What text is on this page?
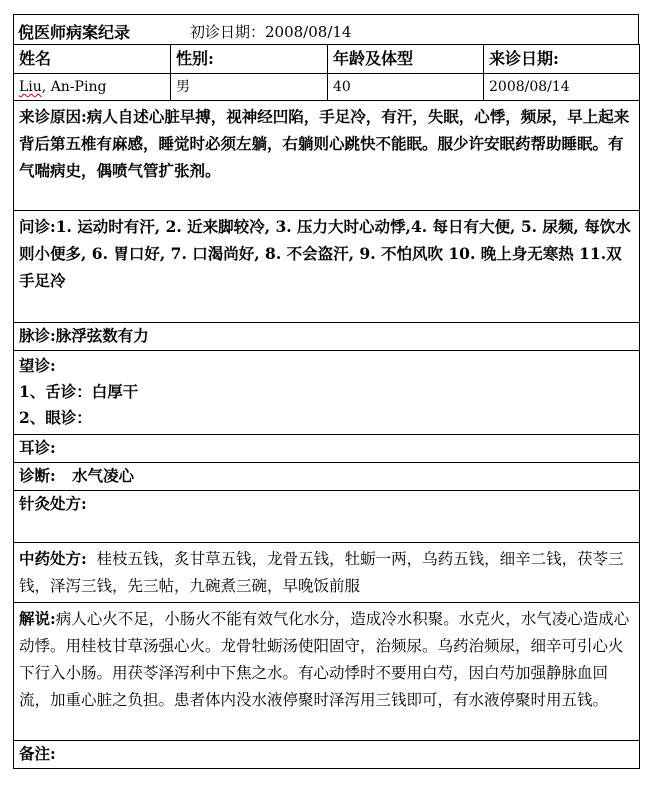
倪医师病案纪录	初诊日期：2008/08/14
姓名	性别:	年龄及体型	来诊日期:
Liu, An-Ping	男	40	2008/08/14
来诊原因:病人自述心脏早搏，视神经凹陷，手足冷，有汗，失眠，心悸，频尿，早上起来背后第五椎有麻感，睡觉时必须左躺，右躺则心跳快不能眠。服少许安眠药帮助睡眠。有气喘病史，偶喷气管扩张剂。			
问诊:1. 运动时有汗, 2. 近来脚较冷, 3. 压力大时心动悸,4. 每日有大便, 5. 尿频, 每饮水则小便多, 6. 胃口好, 7. 口渴尚好, 8. 不会盗汗, 9. 不怕风吹 10. 晚上身无寒热 11.双手足冷			
脉诊:脉浮弦数有力			

望诊:
1、舌诊：白厚干
2、眼诊：			

耳诊:			
诊断: 水气凌心			
针灸处方:			
中药处方: 桂枝五钱，炙甘草五钱，龙骨五钱，牡蛎一两，乌药五钱，细辛二钱，茯苓三钱，泽泻三钱，先三帖，九碗煮三碗，早晚饭前服			
解说:病人心火不足，小肠火不能有效气化水分，造成冷水积聚。水克火，水气凌心造成心动悸。用桂枝甘草汤强心火。龙骨牡蛎汤使阳固守，治频尿。乌药治频尿，细辛可引心火下行入小肠。用茯苓泽泻利中下焦之水。有心动悸时不要用白芍，因白芍加强静脉血回流，加重心脏之负担。患者体内没水液停聚时泽泻用三钱即可，有水液停聚时用五钱。			
备注:			
